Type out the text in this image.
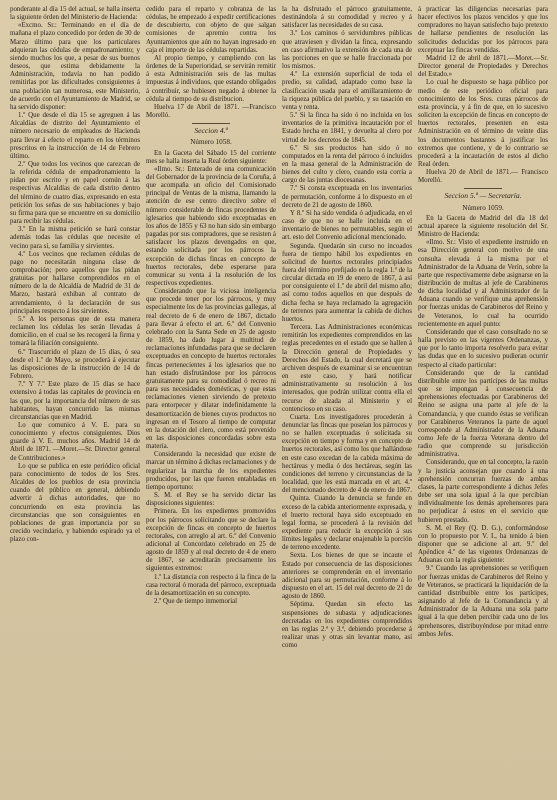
ponderante al día 15 del actual, se halla inserta la siguiente órden del Ministerio de Hacienda:

«Excmo. Sr.: Terminando en el día de mañana el plazo concedido por órden de 30 de Marzo último para que los particulares adquieran las cédulas de empadronamiento; y siendo muchos los que, a pesar de sus buenos deseos, que estima debidamente la Administración, todavía no han podido remitirlas por las dificultades consiguientes á una población tan numerosa, este Ministerio, de acuerdo con el Ayuntamiento de Madrid, se ha servido disponer:

1.º Que desde el día 15 se agreguen á las Alcaldías de distrito del Ayuntamiento el número necesario de empleados de Hacienda para llevar á efecto el reparto en los términos prescritos en la instrucción de 14 de Febrero último.

2.º Que todos los vecinos que carezcan de la referida cédula de empadronamiento la pidan por escrito y en papel común á las respectivas Alcaldías de cada distrito dentro del término de cuatro días, expresando en esta petición los señas de sus habitaciones y bajo su firma para que se encuentre en su domicilio para recibir las cédulas.

3.º En la misma petición se hará constar además todas las cédulas que necesite el vecino para sí, su familia y sirvientes.

4.º Los vecinos que reclamen cédulas de pago no necesitarán ninguna clase de comprobación; pero aquellos que las pidan gratuitas por hallarse comprendidos en el número de la de Alcaldía de Madrid de 31 de Marzo, bastará exhiban al contrato de arrendamiento, ó la declaración de sus principales respecto á los sirvientes.

5.º A los personas que de esta manera reclamen los cédulas les serán llevadas á domicilio, en el cual se les recogerá la firma y tomará la filiación consiguiente.

6.º Trascurrido el plazo de 15 días, ó sea desde el 1.º de Mayo, se procederá á ejecutar las disposiciones de la instrucción de 14 de Febrero.

7.º Y 7.º Este plazo de 15 días se hace extensivo á todas las capitales de provincia en las que, por la importancia del número de sus habitantes, hayan concurrido las mismas circunstancias que en Madrid.

Lo que comunico á V. E. para su conocimiento y efectos consiguientes. Dios guarde á V. E. muchos años. Madrid 14 de Abril de 1871. —Moret.—Sr. Director general de Contribuciones.»

Lo que se publica en este periódico oficial para conocimiento de todos de los Sres. Alcaldes de los pueblos de esta provincia cuando del público en general, debiendo advertir á dichas autoridades, que no concurriendo en esta provincia las circunstancias que son consiguientes en poblaciones de gran importancia por su crecido vecindario, y habiendo espirado ya el plazo con-

cedido para el reparto y cobranza de las cédulas, he empezado á expedir certificaciones de descubierto, con objeto de que salgan comisiones de apremio contra los Ayuntamientos que aún no hayan ingresado en caja el importe de las cédulas repartidas.

Al propio tiempo, y cumpliendo con las órdenes de la Superioridad, se servirán remitir á esta Administración seis de las multas impuestas á individuos, que estando obligados á contribuir, se hubiesen negado á obtener la cédula al tiempo de su distribucion.

Huelva 17 de Abril de 1871. —Francisco Morelló.

Seccion 4.ª

Número 1058.

En la Gaceta del Sábado 15 del corriente mes se halla inserta la Real órden siguiente:

«Ilmo. Sr.: Enterado de una comunicación del Gobernador de la provincia de la Coruña, á que acompaña un oficio del Comisionado principal de Ventas de la misma, llamando la atención de ese centro directivo sobre el número considerable de fincas procedentes de iglesarios que habiendo sido exceptuadas en los años de 1855 y 63 no han sido sin embargo pagadas por sus compradores, que se resisten á satisfacer los plazos devengados en que, estando solicitada por los párrocos la excepción de dichas fincas en concepto de huertos rectorales, debe esperarse para comunicar su venta á la resolución de los respectivos expedientes.

Considerando que la viciosa inteligencia que procede tener por los párrocos, y muy especialmente los de las provincias gallegas, al real decreto de 6 de enero de 1867, dictado para llevar á efecto el art. 6.º del Convenio celebrado con la Santa Sede en 25 de agosto de 1859, ha dado lugar á multitud de reclamaciones infundadas para que se declaren exceptuados en concepto de huertos rectorales fincas pertenecientes á los iglesarios que no han estado disfrutándose por los párrocos gratuitamente para su comodidad ó recreo ni para sus necesidades domésticas, y que estas reclamaciones vienen sirviendo de pretexto para entorpecer y dilatar indefinidamente la desamortización de bienes cuyos productos no ingresan en el Tesoro al tiempo de computar en la dotación del clero, como está prevenido en las disposiciones concordadas sobre esta materia.

Considerando la necesidad que existe de marcar un término á dichas reclamaciones y de regularizar la marcha de los expedientes producidos, por las que fueren entabladas en tiempo oportuno:

S. M. el Rey se ha servido dictar las disposiciones siguientes:

Primera. En los expedientes promovidos por los párrocos solicitando que se declare la excepción de fincas en concepto de huertos rectorales, con arreglo al art. 6.º del Convenio adicional al Concordato celebrado en 25 de agosto de 1859 y al real decreto de 4 de enero de 1867, se acreditarán precisamente los siguientes extremos:

1.º La distancia con respecto á la finca de la casa rectoral ó morada del párroco, exceptuada de la desamortización en su concepto.

2.º Que de tiempo inmemorial

la ha disfrutado el párroco gratuitamente, destinándola á su comodidad y recreo y á satisfacer las necesidades de su casa.

3.º Los caminos ó servidumbres públicas que atraviesen y dividan la finca, expresando en caso afirmativo la extensión de cada una de las porciones en que se halle fraccionada por los mismos.

4.º La extensión superficial de toda el predio, su calidad, adaptado como base la clasificación usada para el amillaramiento de la riqueza pública del pueblo, y su tasación en venta y renta.

5.º Si la finca ha sido ó no incluida en los inventarios de la primitiva incautación por el Estado hecha en 1841, y devuelta al clero por virtud de los decretos de 1845.

6.º Si sus productos han sido ó no computados en la renta del párroco ó incluidos en la masa general de la Administración de bienes del culto y clero, cuando esta corría a cargo de las juntas diocesanas.

7.º Si consta exceptuada en los inventarios de permutación, conforme á lo dispuesto en el decreto de 21 de agosto de 1860.

Y 8.º Si ha sido vendida ó adjudicada, en el caso de que no se halle incluida en el inventario de bienes no permutables, según el art. esto del Convenio adicional mencionado.

Segunda. Quedarán sin curso no incoados fuera de tiempo hábil los expedientes en solicitud de huertos rectorales principiados fuera del término prefijado en la regla 1.ª de la circular dictada en 19 de enero de 1867, á así por consiguiente el 1.º de abril del mismo año; así como todos aquellos en que después de dicha fecha se haya reclamado la agregación de terrenos para aumentar la cabida de dichos huertos.

Tercera. Las Administraciones económicas remitirán los expedientes comprendidos en las reglas precedentes en el estado que se hallen á la Dirección general de Propiedades y Derechos del Estado, la cual decretará que se archiven después de examinar si se encuentran en este caso, y hará notificar administrativamente su resolución á los interesados, que podrán utilizar contra ella el recurso de alzada al Ministerio y el contencioso en su caso.

Cuarta. Los investigadores procederán á denunciar las fincas que poseían los párrocos y no se hallen exceptuadas ó solicitada su excepción en tiempo y forma y en concepto de huertos rectorales, así como los que hallándose en este caso excedan de la cabida máxima de hectáreas y media ó dos hectáreas, según las condiciones del terreno y circunstancias de la localidad, que les está marcada en el art. 4.º del mencionado decreto de 4 de enero de 1867.

Quinta. Cuando la denuncia se funde en exceso de la cabida anteriormente expresada, y el huerto rectoral haya sido exceptuado en legal forma, se procederá á la revisión del expediente para reducir la excepción á sus límites legales y declarar enajenable la porción de terreno excedente.

Sexta. Los bienes de que se incaute el Estado por consecuencia de las disposiciones anteriores se comprenderán en el inventario adicional para su permutación, conforme á lo dispuesto en el art. 15 del real decreto de 21 de agosto de 1860.

Séptima. Quedan sin efecto las suspensiones de subasta y adjudicaciones decretadas en los expedientes comprendidos en las reglas 2.ª y 3.ª, debiendo procederse á realizar unas y otras sin levantar mano, así como

á practicar las diligencias necesarias para hacer efectivos los plazos vencidos y que los compradores no hayan satisfecho bajo pretexto de hallarse pendientes de resolución las solicitudes deducidas por los párrocos para exceptuar las fincas vendidas.

Madrid 12 de abril de 1871.—Moret.—Sr. Director general de Propiedades y Derechos del Estado.»

Lo cual he dispuesto se haga público por medio de este periódico oficial para conocimiento de los Sres. curas párrocos de esta provincia, y á fin de que, en lo sucesivo soliciten la excepción de fincas en concepto de huertos rectorales, presenten en esta Administración en el término de veinte días los documentos bastantes á justificar los extremos que contiene, y de lo contrario se procederá a la incautación de estos al dicho Real órden.

Huelva 20 de Abril de 1871.— Francisco Morelló.

Seccion 5.ª — Secretaría.

Número 1059.

En la Gaceta de Madrid del día 18 del actual aparece la siguiente resolución del Sr. Ministro de Hacienda:

«Ilmo. Sr.: Visto el expediente instruido en esa Dirección general con motivo de una consulta elevada á la misma por el Administrador de la Aduana de Verín, sobre la parte que respectivamente debe asignarse en la distribución de multas al jefe de Carabineros de dicha localidad y al Administrador de la Aduana cuando se verifique una aprehensión por fuerzas unidas de Carabineros del Reino y de Veteranos, lo cual ha ocurrido recientemente en aquel punto:

Considerando que el caso consultado no se halla previsto en las vigentes Ordenanzas, y que por lo tanto importa resolverlo para evitar las dudas que en lo sucesivo pudieran ocurrir respecto al citado particular:

Considerando que de la cantidad distribuible entre los partícipes de las multas que se impongan á consecuencia de aprehensiones efectuadas por Carabineros del Reino se asigna una parte al jefe de la Comandancia, y que cuando éstas se verifican por Carabineros Veteranos la parte de aquel corresponde al Administrador de la Aduana como Jefe de la fuerza Veterana dentro del radio que comprende su jurisdicción administrativa.

Considerando, que en tal concepto, la razón y la justicia aconsejan que cuando á una aprehensión concurran fuerzas de ambas clases, la parte correspondiente á dichos Jefes debe ser una sola igual á la que percibían individualmente los demás aprehensores para no perjudicar á estos en el servicio que hubieren prestado.

S. M. el Rey (Q. D. G.), conformándose con lo propuesto por V. I., ha tenido á bien disponer que se adicione al art. 9.º del Apéndice 4.º de las vigentes Ordenanzas de Aduanas con la regla siguiente:

9.º Cuando las aprehensiones se verifiquen por fuerzas unidas de Carabineros del Reino y de Veteranos, se practicará la liquidación de la cantidad distribuible entre los partícipes, asignando al Jefe de la Comandancia y al Administrador de la Aduana una sola parte igual á la que deben percibir cada uno de los aprehensores, distribuyéndose por mitad entre ambos Jefes.
